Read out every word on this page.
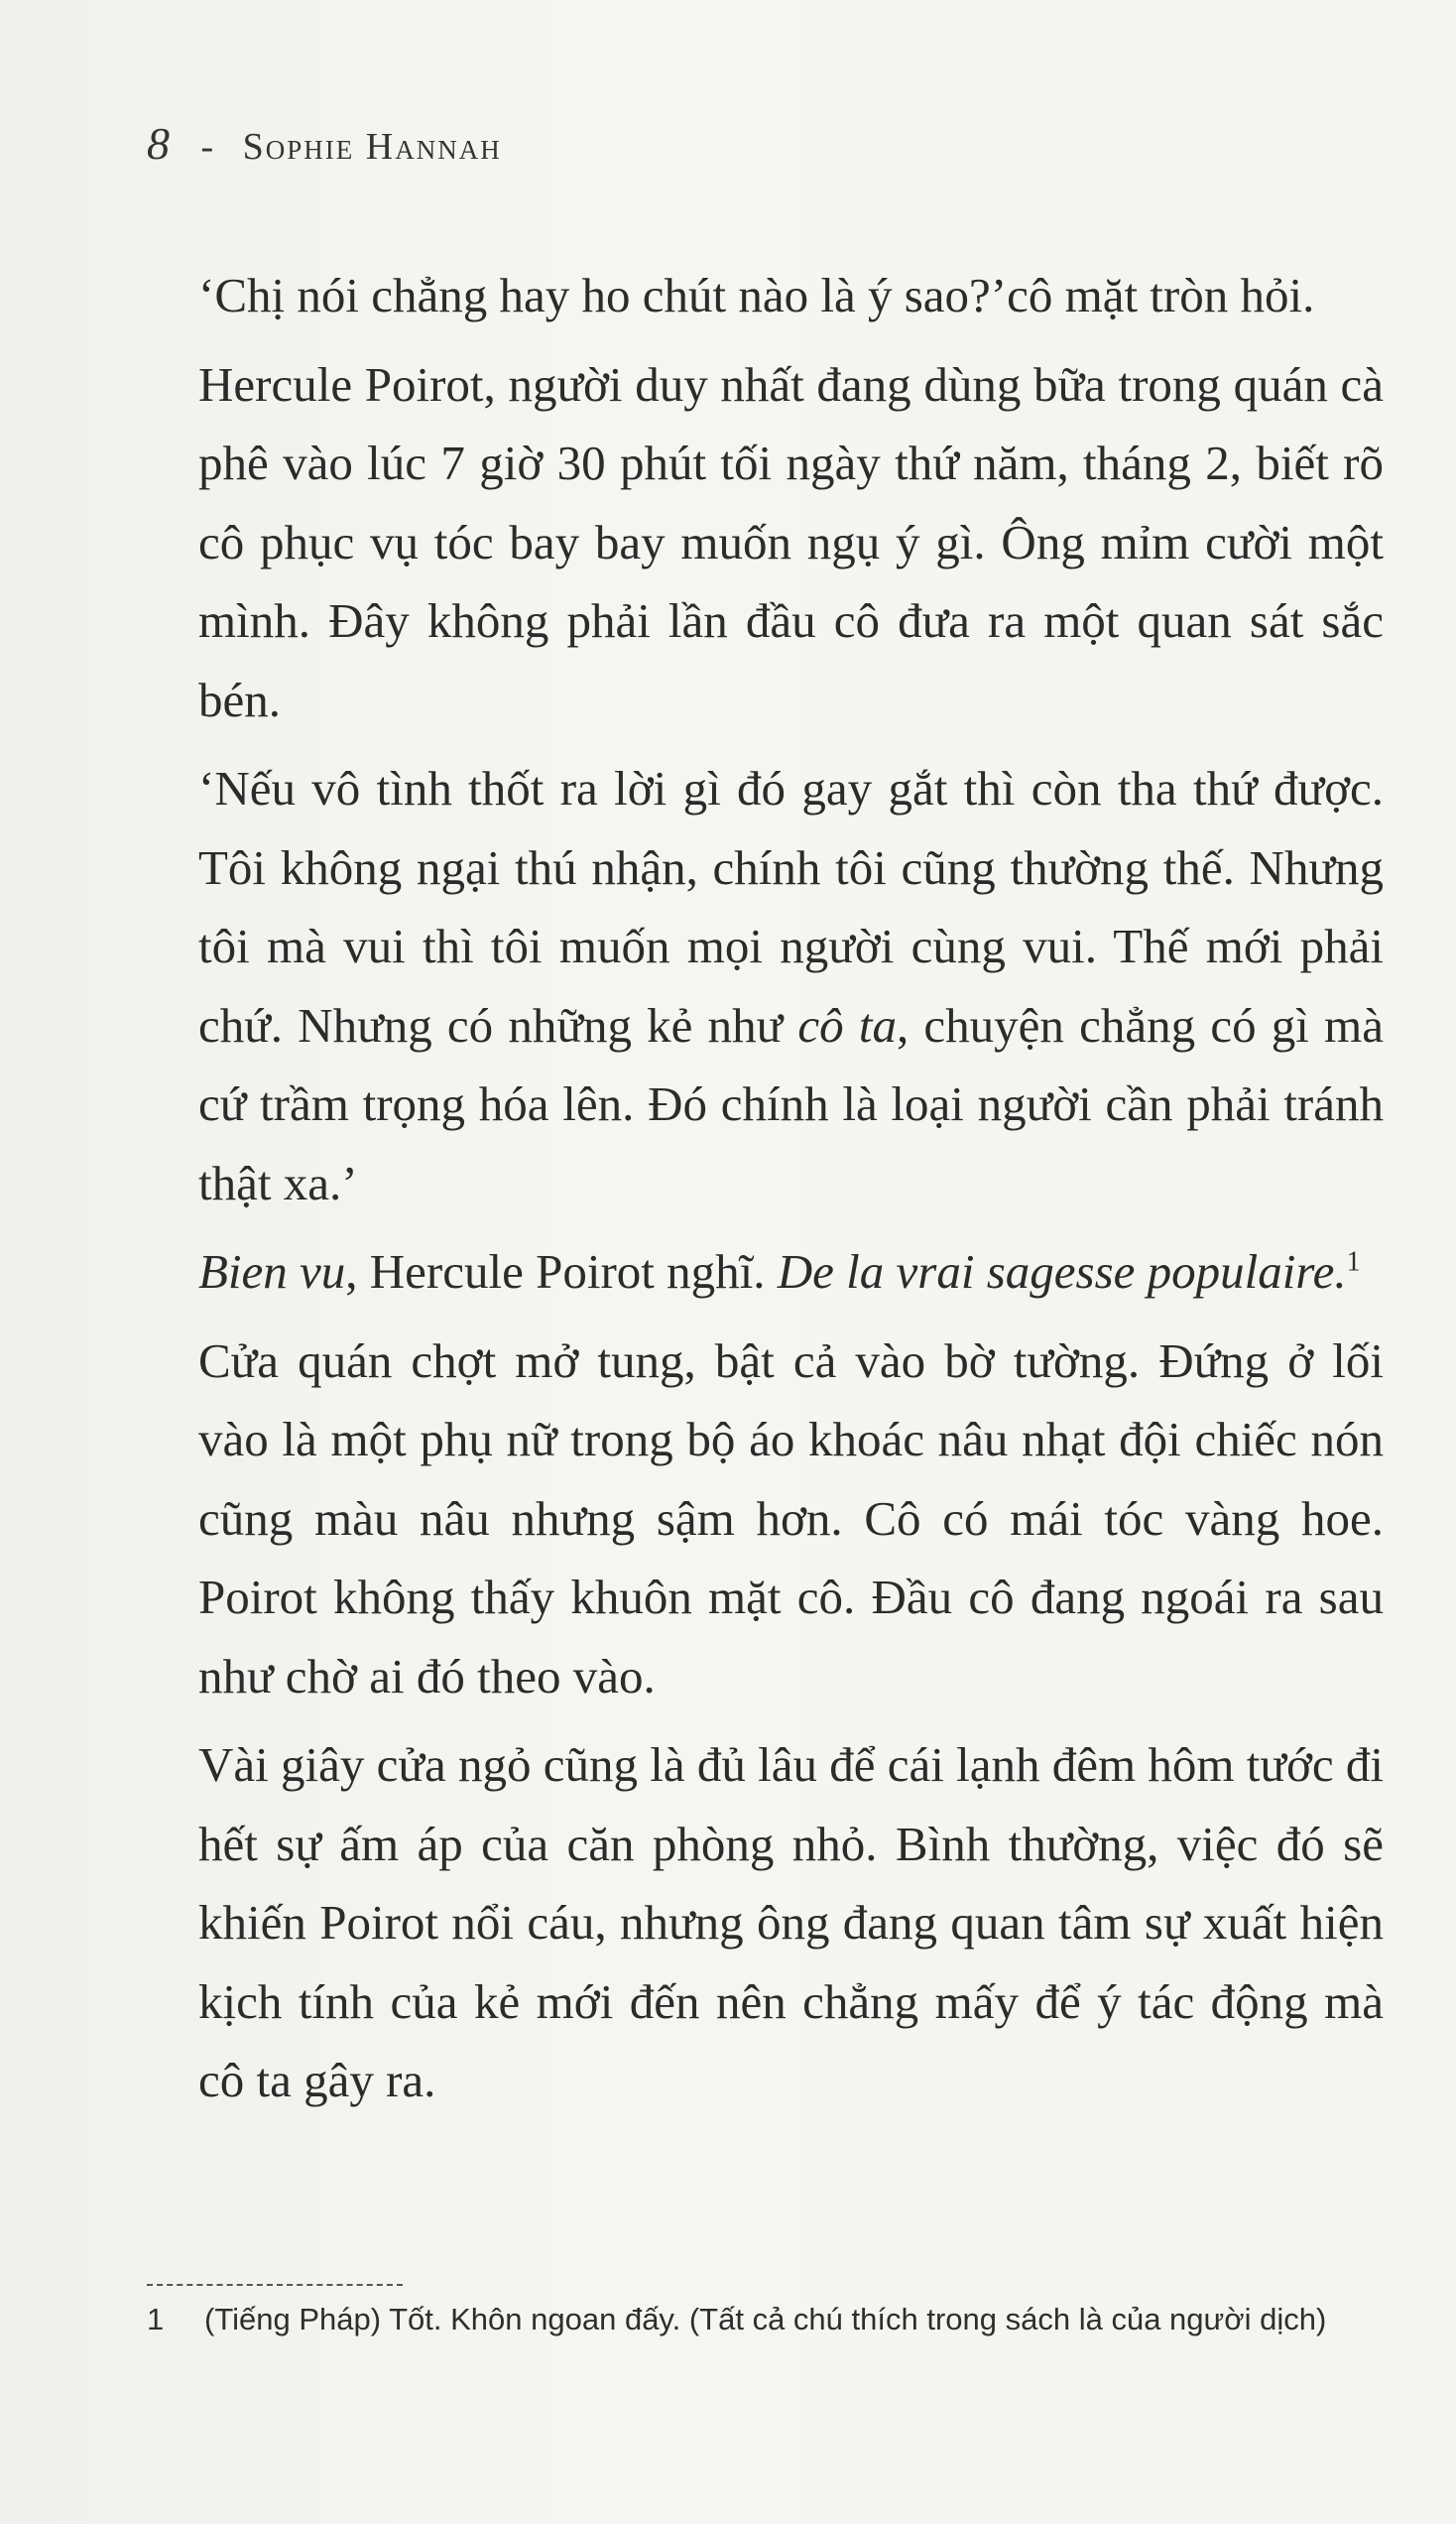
8 - Sophie Hannah

‘Chị nói chẳng hay ho chút nào là ý sao?’cô mặt tròn hỏi.

Hercule Poirot, người duy nhất đang dùng bữa trong quán cà phê vào lúc 7 giờ 30 phút tối ngày thứ năm, tháng 2, biết rõ cô phục vụ tóc bay bay muốn ngụ ý gì. Ông mỉm cười một mình. Đây không phải lần đầu cô đưa ra một quan sát sắc bén.

‘Nếu vô tình thốt ra lời gì đó gay gắt thì còn tha thứ được. Tôi không ngại thú nhận, chính tôi cũng thường thế. Nhưng tôi mà vui thì tôi muốn mọi người cùng vui. Thế mới phải chứ. Nhưng có những kẻ như cô ta, chuyện chẳng có gì mà cứ trầm trọng hóa lên. Đó chính là loại người cần phải tránh thật xa.’

Bien vu, Hercule Poirot nghĩ. De la vrai sagesse populaire.$^1$

Cửa quán chợt mở tung, bật cả vào bờ tường. Đứng ở lối vào là một phụ nữ trong bộ áo khoác nâu nhạt đội chiếc nón cũng màu nâu nhưng sậm hơn. Cô có mái tóc vàng hoe. Poirot không thấy khuôn mặt cô. Đầu cô đang ngoái ra sau như chờ ai đó theo vào.

Vài giây cửa ngỏ cũng là đủ lâu để cái lạnh đêm hôm tước đi hết sự ấm áp của căn phòng nhỏ. Bình thường, việc đó sẽ khiến Poirot nổi cáu, nhưng ông đang quan tâm sự xuất hiện kịch tính của kẻ mới đến nên chẳng mấy để ý tác động mà cô ta gây ra.

1 (Tiếng Pháp) Tốt. Khôn ngoan đấy. (Tất cả chú thích trong sách là của người dịch)
